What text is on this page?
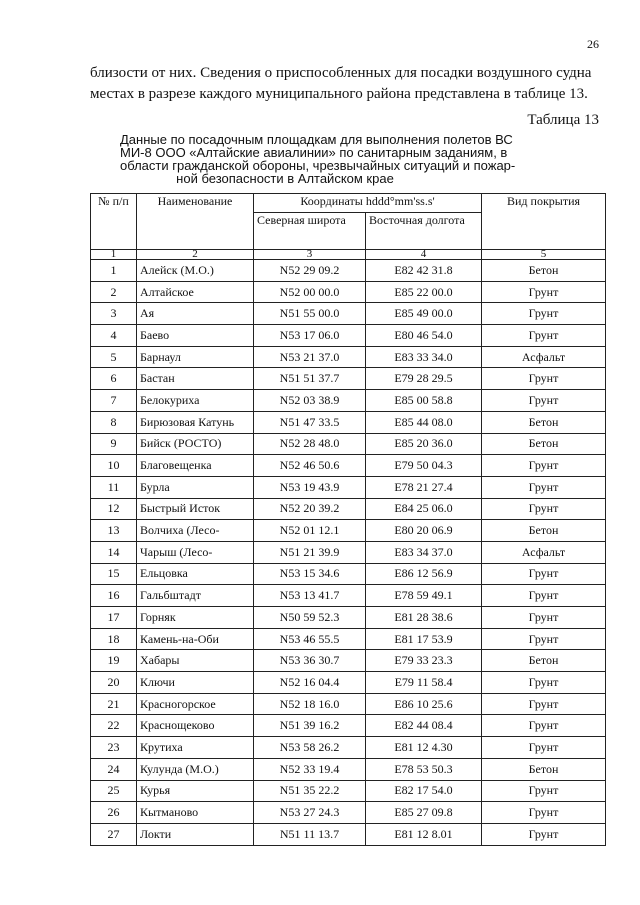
26
близости от них. Сведения о приспособленных для посадки воздушного судна
местах в разрезе каждого муниципального района представлена в таблице 13.
Таблица 13
Данные по посадочным площадкам для выполнения полетов ВС
МИ-8 ООО «Алтайские авиалинии» по санитарным заданиям, в
области гражданской обороны, чрезвычайных ситуаций и пожар-
ной безопасности в Алтайском крае
№ п/п	Наименование	Координаты hddd°mm'ss.s'		Вид покрытия
		Северная широта	Восточная долгота	
1	2	3	4	5
1	Алейск (М.О.)	N52 29 09.2	E82 42 31.8	Бетон
2	Алтайское	N52 00 00.0	E85 22 00.0	Грунт
3	Ая	N51 55 00.0	E85 49 00.0	Грунт
4	Баево	N53 17 06.0	E80 46 54.0	Грунт
5	Барнаул	N53 21 37.0	E83 33 34.0	Асфальт
6	Бастан	N51 51 37.7	E79 28 29.5	Грунт
7	Белокуриха	N52 03 38.9	E85 00 58.8	Грунт
8	Бирюзовая Катунь	N51 47 33.5	E85 44 08.0	Бетон
9	Бийск (РОСТО)	N52 28 48.0	E85 20 36.0	Бетон
10	Благовещенка	N52 46 50.6	E79 50 04.3	Грунт
11	Бурла	N53 19 43.9	E78 21 27.4	Грунт
12	Быстрый Исток	N52 20 39.2	E84 25 06.0	Грунт
13	Волчиха (Лесо-	N52 01 12.1	E80 20 06.9	Бетон
14	Чарыш (Лесо-	N51 21 39.9	E83 34 37.0	Асфальт
15	Ельцовка	N53 15 34.6	E86 12 56.9	Грунт
16	Гальбштадт	N53 13 41.7	E78 59 49.1	Грунт
17	Горняк	N50 59 52.3	E81 28 38.6	Грунт
18	Камень-на-Оби	N53 46 55.5	E81 17 53.9	Грунт
19	Хабары	N53 36 30.7	E79 33 23.3	Бетон
20	Ключи	N52 16 04.4	E79 11 58.4	Грунт
21	Красногорское	N52 18 16.0	E86 10 25.6	Грунт
22	Краснощеково	N51 39 16.2	E82 44 08.4	Грунт
23	Крутиха	N53 58 26.2	E81 12 4.30	Грунт
24	Кулунда (М.О.)	N52 33 19.4	E78 53 50.3	Бетон
25	Курья	N51 35 22.2	E82 17 54.0	Грунт
26	Кытманово	N53 27 24.3	E85 27 09.8	Грунт
27	Локти	N51 11 13.7	E81 12 8.01	Грунт
